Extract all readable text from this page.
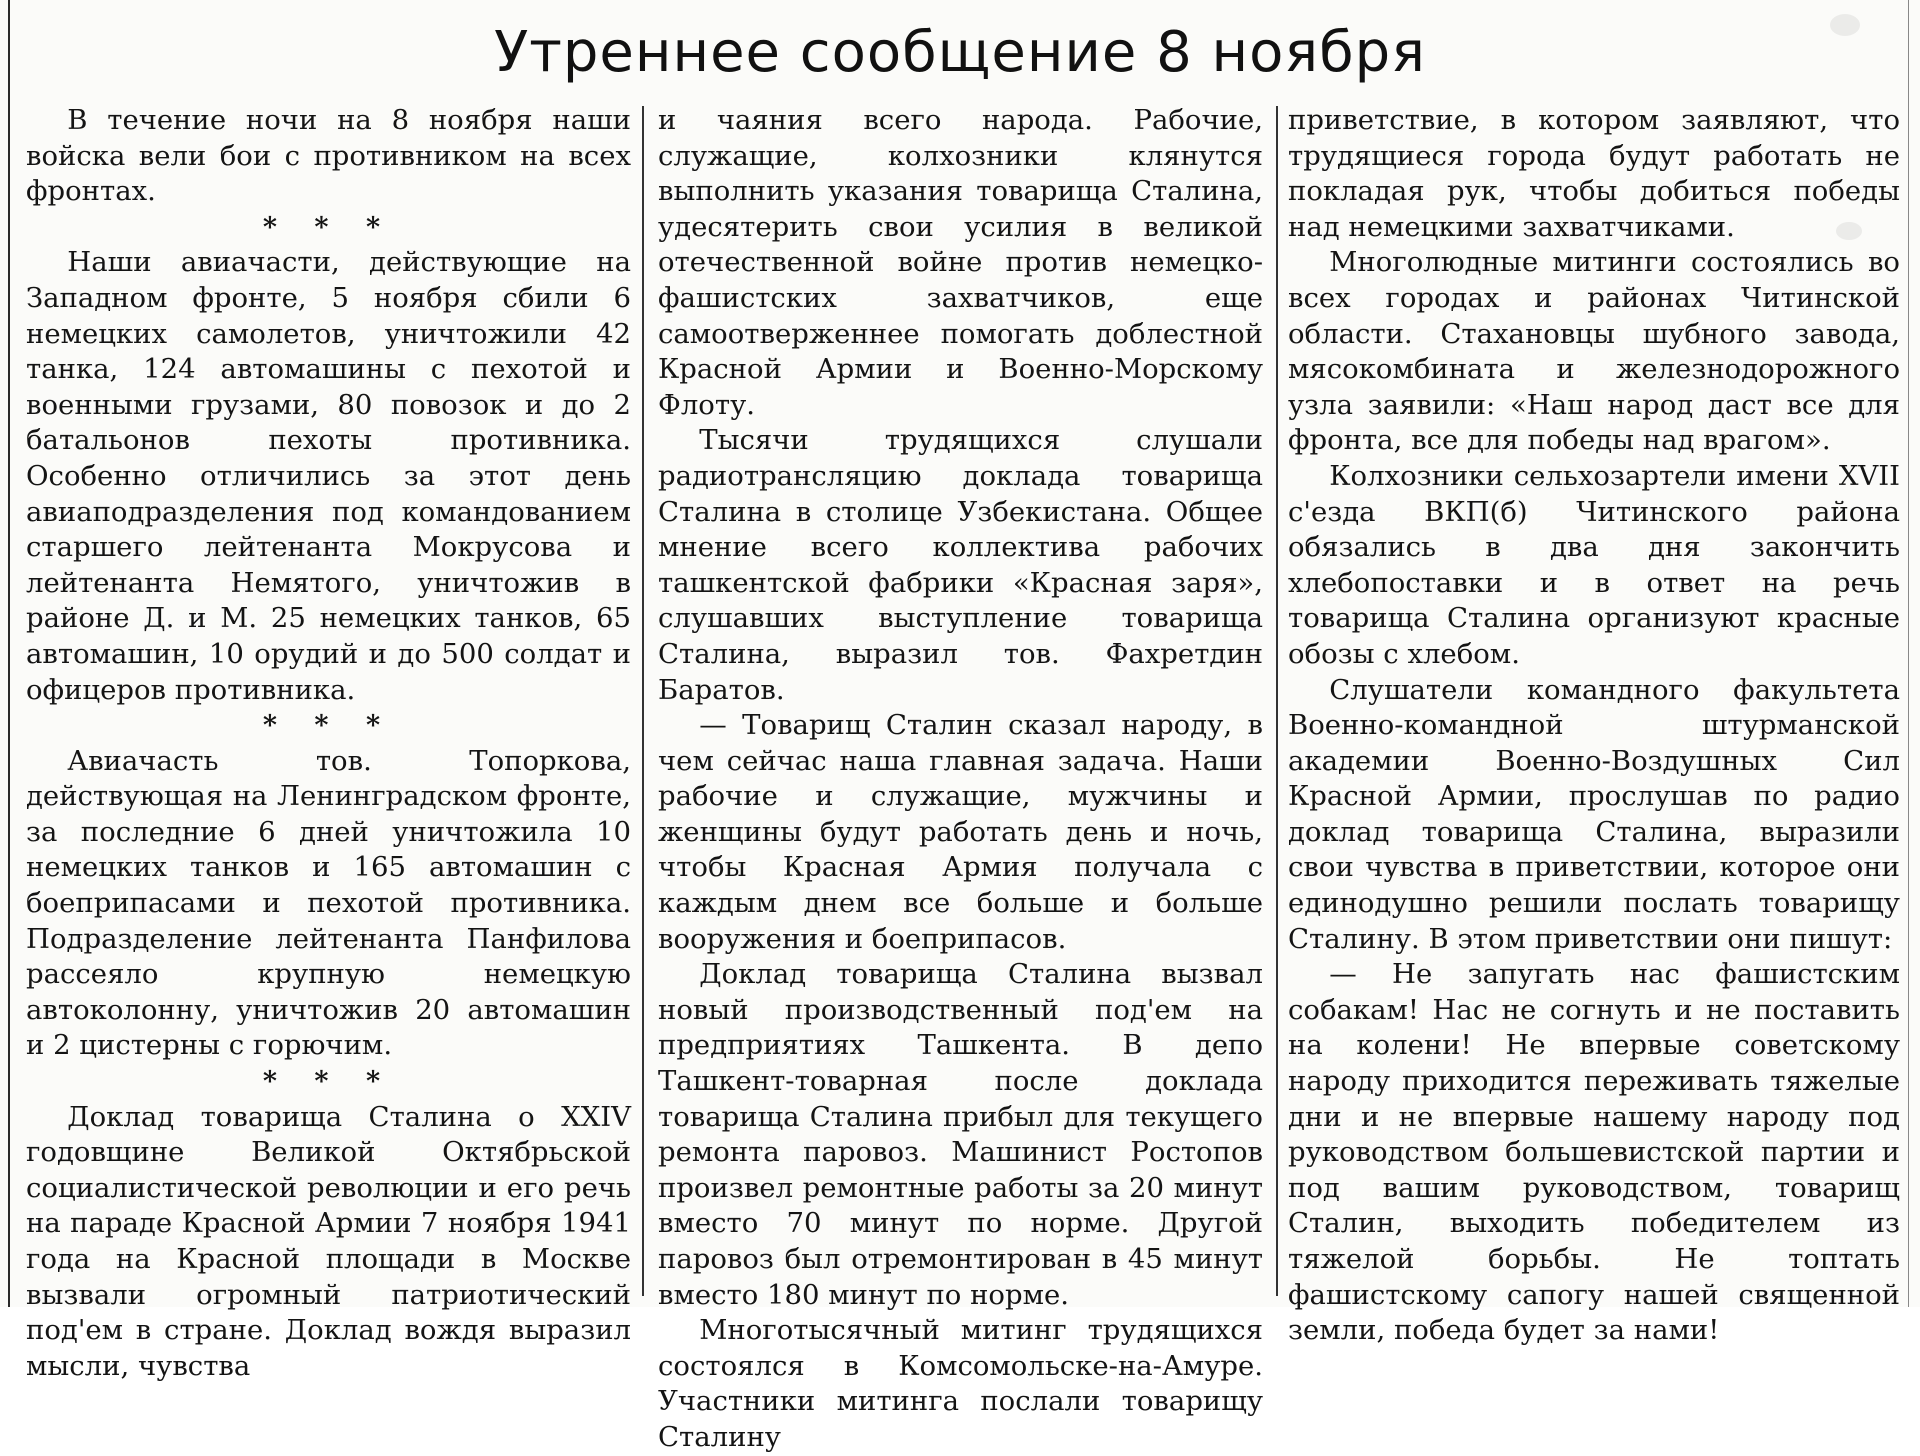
Утреннее сообщение 8 ноября

В течение ночи на 8 ноября наши войска вели бои с противником на всех фронтах.

* * *

Наши авиачасти, действующие на Западном фронте, 5 ноября сбили 6 немецких самолетов, уничтожили 42 танка, 124 автомашины с пехотой и военными грузами, 80 повозок и до 2 батальонов пехоты противника. Особенно отличились за этот день авиаподразделения под командованием старшего лейтенанта Мокрусова и лейтенанта Немятого, уничтожив в районе Д. и М. 25 немецких танков, 65 автомашин, 10 орудий и до 500 солдат и офицеров противника.

* * *

Авиачасть тов. Топоркова, действующая на Ленинградском фронте, за последние 6 дней уничтожила 10 немецких танков и 165 автомашин с боеприпасами и пехотой противника. Подразделение лейтенанта Панфилова рассеяло крупную немецкую автоколонну, уничтожив 20 автомашин и 2 цистерны с горючим.

* * *

Доклад товарища Сталина о XXIV годовщине Великой Октябрьской социалистической революции и его речь на параде Красной Армии 7 ноября 1941 года на Красной площади в Москве вызвали огромный патриотический под'ем в стране. Доклад вождя выразил мысли, чувства

и чаяния всего народа. Рабочие, служащие, колхозники клянутся выполнить указания товарища Сталина, удесятерить свои усилия в великой отечественной войне против немецко-фашистских захватчиков, еще самоотверженнее помогать доблестной Красной Армии и Военно-Морскому Флоту.

Тысячи трудящихся слушали радиотрансляцию доклада товарища Сталина в столице Узбекистана. Общее мнение всего коллектива рабочих ташкентской фабрики «Красная заря», слушавших выступление товарища Сталина, выразил тов. Фахретдин Баратов.

— Товарищ Сталин сказал народу, в чем сейчас наша главная задача. Наши рабочие и служащие, мужчины и женщины будут работать день и ночь, чтобы Красная Армия получала с каждым днем все больше и больше вооружения и боеприпасов.

Доклад товарища Сталина вызвал новый производственный под'ем на предприятиях Ташкента. В депо Ташкент-товарная после доклада товарища Сталина прибыл для текущего ремонта паровоз. Машинист Ростопов произвел ремонтные работы за 20 минут вместо 70 минут по норме. Другой паровоз был отремонтирован в 45 минут вместо 180 минут по норме.

Многотысячный митинг трудящихся состоялся в Комсомольске-на-Амуре. Участники митинга послали товарищу Сталину

приветствие, в котором заявляют, что трудящиеся города будут работать не покладая рук, чтобы добиться победы над немецкими захватчиками.

Многолюдные митинги состоялись во всех городах и районах Читинской области. Стахановцы шубного завода, мясокомбината и железнодорожного узла заявили: «Наш народ даст все для фронта, все для победы над врагом».

Колхозники сельхозартели имени XVII с'езда ВКП(б) Читинского района обязались в два дня закончить хлебопоставки и в ответ на речь товарища Сталина организуют красные обозы с хлебом.

Слушатели командного факультета Военно-командной штурманской академии Военно-Воздушных Сил Красной Армии, прослушав по радио доклад товарища Сталина, выразили свои чувства в приветствии, которое они единодушно решили послать товарищу Сталину. В этом приветствии они пишут:

— Не запугать нас фашистским собакам! Нас не согнуть и не поставить на колени! Не впервые советскому народу приходится переживать тяжелые дни и не впервые нашему народу под руководством большевистской партии и под вашим руководством, товарищ Сталин, выходить победителем из тяжелой борьбы. Не топтать фашистскому сапогу нашей священной земли, победа будет за нами!
